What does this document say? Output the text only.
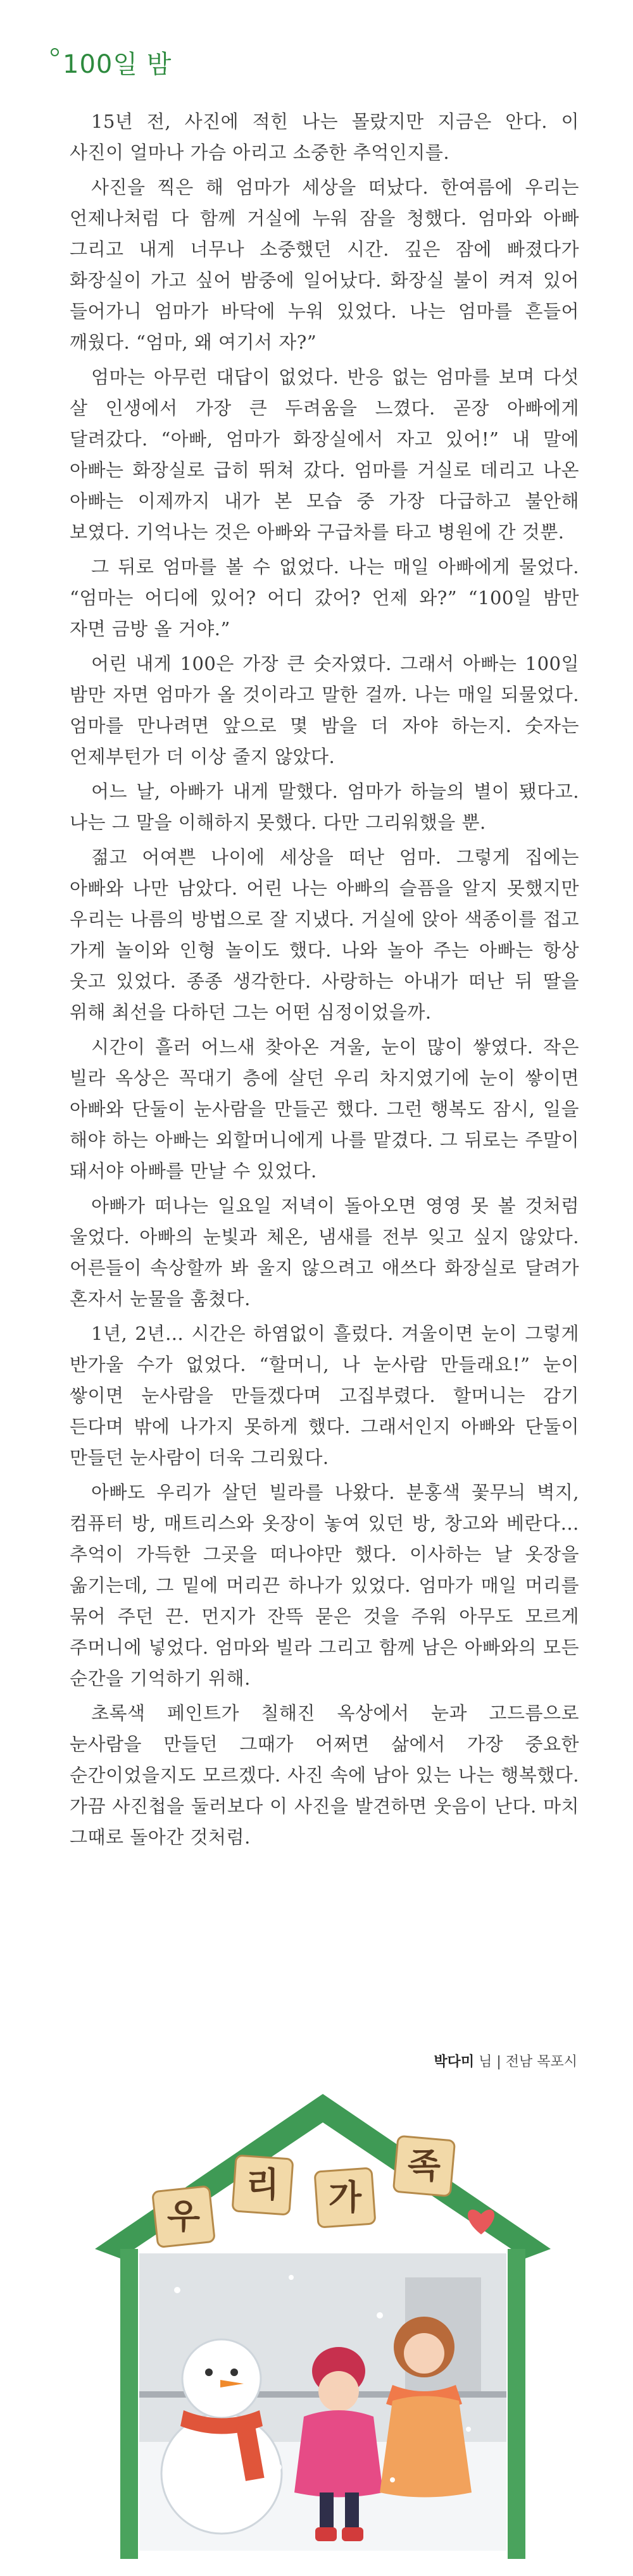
100일 밤

15년 전, 사진에 적힌 나는 몰랐지만 지금은 안다. 이 사진이 얼마나 가슴 아리고 소중한 추억인지를.

사진을 찍은 해 엄마가 세상을 떠났다. 한여름에 우리는 언제나처럼 다 함께 거실에 누워 잠을 청했다. 엄마와 아빠 그리고 내게 너무나 소중했던 시간. 깊은 잠에 빠졌다가 화장실이 가고 싶어 밤중에 일어났다. 화장실 불이 켜져 있어 들어가니 엄마가 바닥에 누워 있었다. 나는 엄마를 흔들어 깨웠다. “엄마, 왜 여기서 자?”

엄마는 아무런 대답이 없었다. 반응 없는 엄마를 보며 다섯 살 인생에서 가장 큰 두려움을 느꼈다. 곧장 아빠에게 달려갔다. “아빠, 엄마가 화장실에서 자고 있어!” 내 말에 아빠는 화장실로 급히 뛰쳐 갔다. 엄마를 거실로 데리고 나온 아빠는 이제까지 내가 본 모습 중 가장 다급하고 불안해 보였다. 기억나는 것은 아빠와 구급차를 타고 병원에 간 것뿐.

그 뒤로 엄마를 볼 수 없었다. 나는 매일 아빠에게 물었다. “엄마는 어디에 있어? 어디 갔어? 언제 와?” “100일 밤만 자면 금방 올 거야.”

어린 내게 100은 가장 큰 숫자였다. 그래서 아빠는 100일 밤만 자면 엄마가 올 것이라고 말한 걸까. 나는 매일 되물었다. 엄마를 만나려면 앞으로 몇 밤을 더 자야 하는지. 숫자는 언제부턴가 더 이상 줄지 않았다.

어느 날, 아빠가 내게 말했다. 엄마가 하늘의 별이 됐다고. 나는 그 말을 이해하지 못했다. 다만 그리워했을 뿐.

젊고 어여쁜 나이에 세상을 떠난 엄마. 그렇게 집에는 아빠와 나만 남았다. 어린 나는 아빠의 슬픔을 알지 못했지만 우리는 나름의 방법으로 잘 지냈다. 거실에 앉아 색종이를 접고 가게 놀이와 인형 놀이도 했다. 나와 놀아 주는 아빠는 항상 웃고 있었다. 종종 생각한다. 사랑하는 아내가 떠난 뒤 딸을 위해 최선을 다하던 그는 어떤 심정이었을까.

시간이 흘러 어느새 찾아온 겨울, 눈이 많이 쌓였다. 작은 빌라 옥상은 꼭대기 층에 살던 우리 차지였기에 눈이 쌓이면 아빠와 단둘이 눈사람을 만들곤 했다. 그런 행복도 잠시, 일을 해야 하는 아빠는 외할머니에게 나를 맡겼다. 그 뒤로는 주말이 돼서야 아빠를 만날 수 있었다.

아빠가 떠나는 일요일 저녁이 돌아오면 영영 못 볼 것처럼 울었다. 아빠의 눈빛과 체온, 냄새를 전부 잊고 싶지 않았다. 어른들이 속상할까 봐 울지 않으려고 애쓰다 화장실로 달려가 혼자서 눈물을 훔쳤다.

1년, 2년… 시간은 하염없이 흘렀다. 겨울이면 눈이 그렇게 반가울 수가 없었다. “할머니, 나 눈사람 만들래요!” 눈이 쌓이면 눈사람을 만들겠다며 고집부렸다. 할머니는 감기 든다며 밖에 나가지 못하게 했다. 그래서인지 아빠와 단둘이 만들던 눈사람이 더욱 그리웠다.

아빠도 우리가 살던 빌라를 나왔다. 분홍색 꽃무늬 벽지, 컴퓨터 방, 매트리스와 옷장이 놓여 있던 방, 창고와 베란다… 추억이 가득한 그곳을 떠나야만 했다. 이사하는 날 옷장을 옮기는데, 그 밑에 머리끈 하나가 있었다. 엄마가 매일 머리를 묶어 주던 끈. 먼지가 잔뜩 묻은 것을 주워 아무도 모르게 주머니에 넣었다. 엄마와 빌라 그리고 함께 남은 아빠와의 모든 순간을 기억하기 위해.

초록색 페인트가 칠해진 옥상에서 눈과 고드름으로 눈사람을 만들던 그때가 어쩌면 삶에서 가장 중요한 순간이었을지도 모르겠다. 사진 속에 남아 있는 나는 행복했다. 가끔 사진첩을 둘러보다 이 사진을 발견하면 웃음이 난다. 마치 그때로 돌아간 것처럼.

박다미 님 | 전남 목포시
우
리 가
족
